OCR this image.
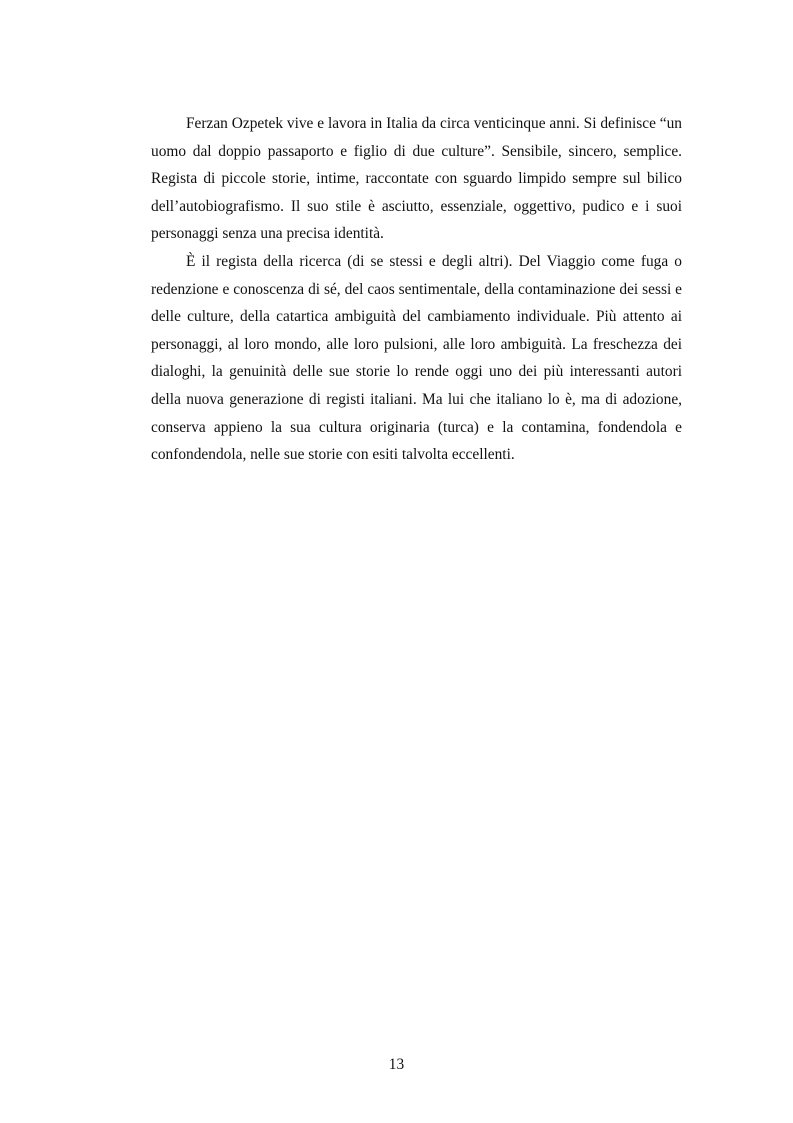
Ferzan Ozpetek vive e lavora in Italia da circa venticinque anni. Si definisce “un uomo dal doppio passaporto e figlio di due culture”. Sensibile, sincero, semplice. Regista di piccole storie, intime, raccontate con sguardo limpido sempre sul bilico dell’autobiografismo. Il suo stile è asciutto, essenziale, oggettivo, pudico e i suoi personaggi senza una precisa identità.

È il regista della ricerca (di se stessi e degli altri). Del Viaggio come fuga o redenzione e conoscenza di sé, del caos sentimentale, della contaminazione dei sessi e delle culture, della catartica ambiguità del cambiamento individuale. Più attento ai personaggi, al loro mondo, alle loro pulsioni, alle loro ambiguità. La freschezza dei dialoghi, la genuinità delle sue storie lo rende oggi uno dei più interessanti autori della nuova generazione di registi italiani. Ma lui che italiano lo è, ma di adozione, conserva appieno la sua cultura originaria (turca) e la contamina, fondendola e confondendola, nelle sue storie con esiti talvolta eccellenti.

13
